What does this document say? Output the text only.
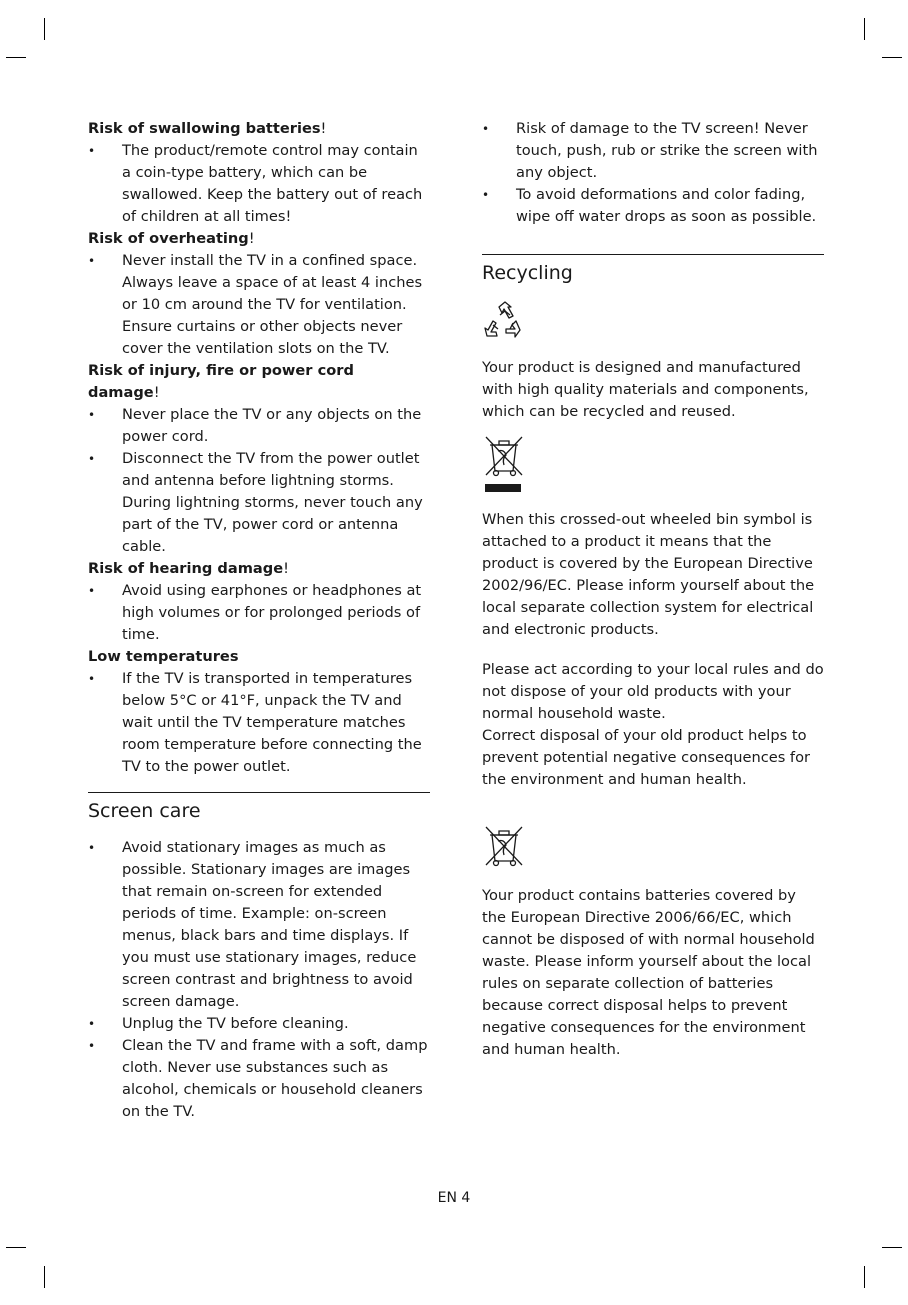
Risk of swallowing batteries!

• The product/remote control may contain a coin-type battery, which can be swallowed. Keep the battery out of reach of children at all times!

Risk of overheating!

• Never install the TV in a confined space. Always leave a space of at least 4 inches or 10 cm around the TV for ventilation. Ensure curtains or other objects never cover the ventilation slots on the TV.

Risk of injury, fire or power cord damage!

• Never place the TV or any objects on the power cord.
• Disconnect the TV from the power outlet and antenna before lightning storms. During lightning storms, never touch any part of the TV, power cord or antenna cable.

Risk of hearing damage!

• Avoid using earphones or headphones at high volumes or for prolonged periods of time.

Low temperatures

• If the TV is transported in temperatures below 5°C or 41°F, unpack the TV and wait until the TV temperature matches room temperature before connecting the TV to the power outlet.
Screen care
• Avoid stationary images as much as possible. Stationary images are images that remain on-screen for extended periods of time. Example: on-screen menus, black bars and time displays. If you must use stationary images, reduce screen contrast and brightness to avoid screen damage.
• Unplug the TV before cleaning.
• Clean the TV and frame with a soft, damp cloth. Never use substances such as alcohol, chemicals or household cleaners on the TV.
• Risk of damage to the TV screen! Never touch, push, rub or strike the screen with any object.
• To avoid deformations and color fading, wipe off water drops as soon as possible.
Recycling

Your product is designed and manufactured with high quality materials and components, which can be recycled and reused.

When this crossed-out wheeled bin symbol is attached to a product it means that the product is covered by the European Directive 2002/96/EC. Please inform yourself about the local separate collection system for electrical and electronic products.

Please act according to your local rules and do not dispose of your old products with your normal household waste.

Correct disposal of your old product helps to prevent potential negative consequences for the environment and human health.

Your product contains batteries covered by the European Directive 2006/66/EC, which cannot be disposed of with normal household waste. Please inform yourself about the local rules on separate collection of batteries because correct disposal helps to prevent negative consequences for the environment and human health.

EN 4
